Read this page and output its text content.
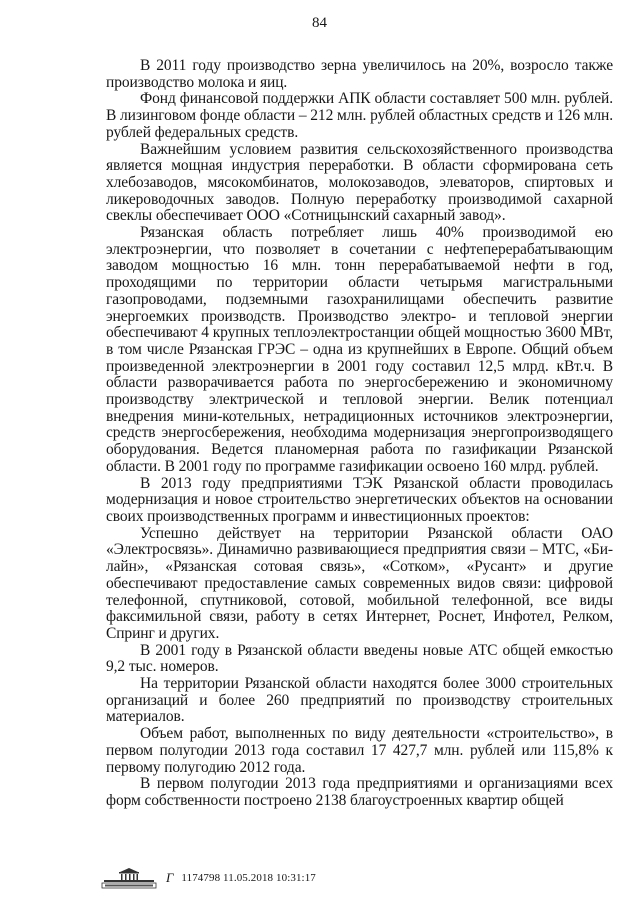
84

В 2011 году производство зерна увеличилось на 20%, возросло также производство молока и яиц.

Фонд финансовой поддержки АПК области составляет 500 млн. рублей. В лизинговом фонде области – 212 млн. рублей областных средств и 126 млн. рублей федеральных средств.

Важнейшим условием развития сельскохозяйственного производства является мощная индустрия переработки. В области сформирована сеть хлебозаводов, мясокомбинатов, молокозаводов, элеваторов, спиртовых и ликероводочных заводов. Полную переработку производимой сахарной свеклы обеспечивает ООО «Сотницынский сахарный завод».

Рязанская область потребляет лишь 40% производимой ею электроэнергии, что позволяет в сочетании с нефтеперерабатывающим заводом мощностью 16 млн. тонн перерабатываемой нефти в год, проходящими по территории области четырьмя магистральными газопроводами, подземными газохранилищами обеспечить развитие энергоемких производств. Производство электро- и тепловой энергии обеспечивают 4 крупных теплоэлектростанции общей мощностью 3600 МВт, в том числе Рязанская ГРЭС – одна из крупнейших в Европе. Общий объем произведенной электроэнергии в 2001 году составил 12,5 млрд. кВт.ч. В области разворачивается работа по энергосбережению и экономичному производству электрической и тепловой энергии. Велик потенциал внедрения мини-котельных, нетрадиционных источников электроэнергии, средств энергосбережения, необходима модернизация энергопроизводящего оборудования. Ведется планомерная работа по газификации Рязанской области. В 2001 году по программе газификации освоено 160 млрд. рублей.

В 2013 году предприятиями ТЭК Рязанской области проводилась модернизация и новое строительство энергетических объектов на основании своих производственных программ и инвестиционных проектов:

Успешно действует на территории Рязанской области ОАО «Электросвязь». Динамично развивающиеся предприятия связи – МТС, «Би-лайн», «Рязанская сотовая связь», «Сотком», «Русант» и другие обеспечивают предоставление самых современных видов связи: цифровой телефонной, спутниковой, сотовой, мобильной телефонной, все виды факсимильной связи, работу в сетях Интернет, Роснет, Инфотел, Релком, Спринг и других.

В 2001 году в Рязанской области введены новые АТС общей емкостью 9,2 тыс. номеров.

На территории Рязанской области находятся более 3000 строительных организаций и более 260 предприятий по производству строительных материалов.

Объем работ, выполненных по виду деятельности «строительство», в первом полугодии 2013 года составил 17 427,7 млн. рублей или 115,8% к первому полугодию 2012 года.

В первом полугодии 2013 года предприятиями и организациями всех форм собственности построено 2138 благоустроенных квартир общей

Г 1174798 11.05.2018 10:31:17
